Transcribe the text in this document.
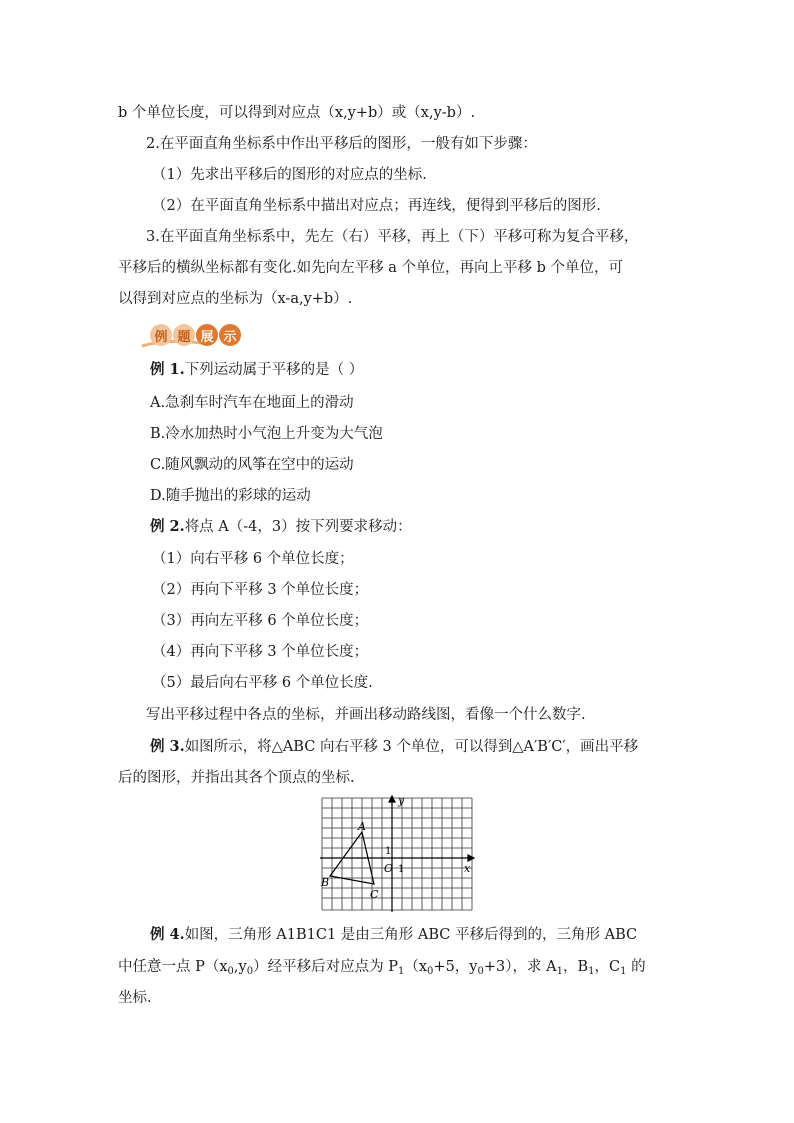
b 个单位长度，可以得到对应点（x,y+b）或（x,y-b）.
2.在平面直角坐标系中作出平移后的图形，一般有如下步骤：
（1）先求出平移后的图形的对应点的坐标.
（2）在平面直角坐标系中描出对应点；再连线，便得到平移后的图形.
3.在平面直角坐标系中，先左（右）平移，再上（下）平移可称为复合平移，
平移后的横纵坐标都有变化.如先向左平移 a 个单位，再向上平移 b 个单位，可
以得到对应点的坐标为（x-a,y+b）.
例 题 展 示
例 1.下列运动属于平移的是（ ）
A.急刹车时汽车在地面上的滑动
B.冷水加热时小气泡上升变为大气泡
C.随风飘动的风筝在空中的运动
D.随手抛出的彩球的运动
例 2.将点 A（-4，3）按下列要求移动：
（1）向右平移 6 个单位长度；
（2）再向下平移 3 个单位长度；
（3）再向左平移 6 个单位长度；
（4）再向下平移 3 个单位长度；
（5）最后向右平移 6 个单位长度.
写出平移过程中各点的坐标，并画出移动路线图，看像一个什么数字.
例 3.如图所示，将△ABC 向右平移 3 个单位，可以得到△A′B′C′，画出平移
后的图形，并指出其各个顶点的坐标.
y
x
O
A
B
C
1
1
例 4.如图，三角形 A1B1C1 是由三角形 ABC 平移后得到的，三角形 ABC
中任意一点 $P(x_0,y_0)$经平移后对应点为 $P_1(x_0+5$，$y_0+3$），求 $A_1$，$B_1$，$C_1$ 的
坐标.
